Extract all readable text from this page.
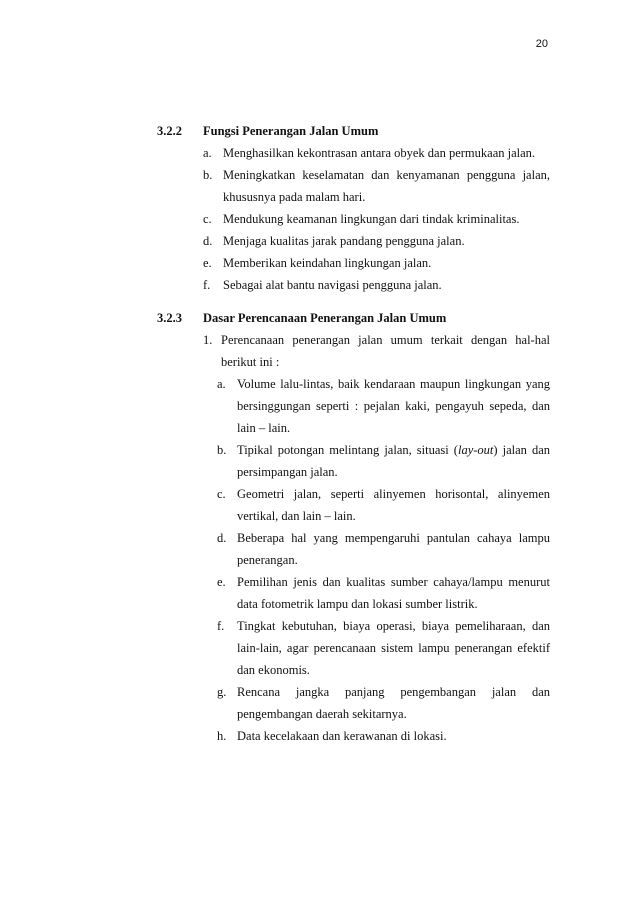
20
3.2.2 Fungsi Penerangan Jalan Umum
a. Menghasilkan kekontrasan antara obyek dan permukaan jalan.
b. Meningkatkan keselamatan dan kenyamanan pengguna jalan, khususnya pada malam hari.
c. Mendukung keamanan lingkungan dari tindak kriminalitas.
d. Menjaga kualitas jarak pandang pengguna jalan.
e. Memberikan keindahan lingkungan jalan.
f. Sebagai alat bantu navigasi pengguna jalan.
3.2.3 Dasar Perencanaan Penerangan Jalan Umum
1. Perencanaan penerangan jalan umum terkait dengan hal-hal berikut ini :
a. Volume lalu-lintas, baik kendaraan maupun lingkungan yang bersinggungan seperti : pejalan kaki, pengayuh sepeda, dan lain – lain.
b. Tipikal potongan melintang jalan, situasi (lay-out) jalan dan persimpangan jalan.
c. Geometri jalan, seperti alinyemen horisontal, alinyemen vertikal, dan lain – lain.
d. Beberapa hal yang mempengaruhi pantulan cahaya lampu penerangan.
e. Pemilihan jenis dan kualitas sumber cahaya/lampu menurut data fotometrik lampu dan lokasi sumber listrik.
f. Tingkat kebutuhan, biaya operasi, biaya pemeliharaan, dan lain-lain, agar perencanaan sistem lampu penerangan efektif dan ekonomis.
g. Rencana jangka panjang pengembangan jalan dan pengembangan daerah sekitarnya.
h. Data kecelakaan dan kerawanan di lokasi.
